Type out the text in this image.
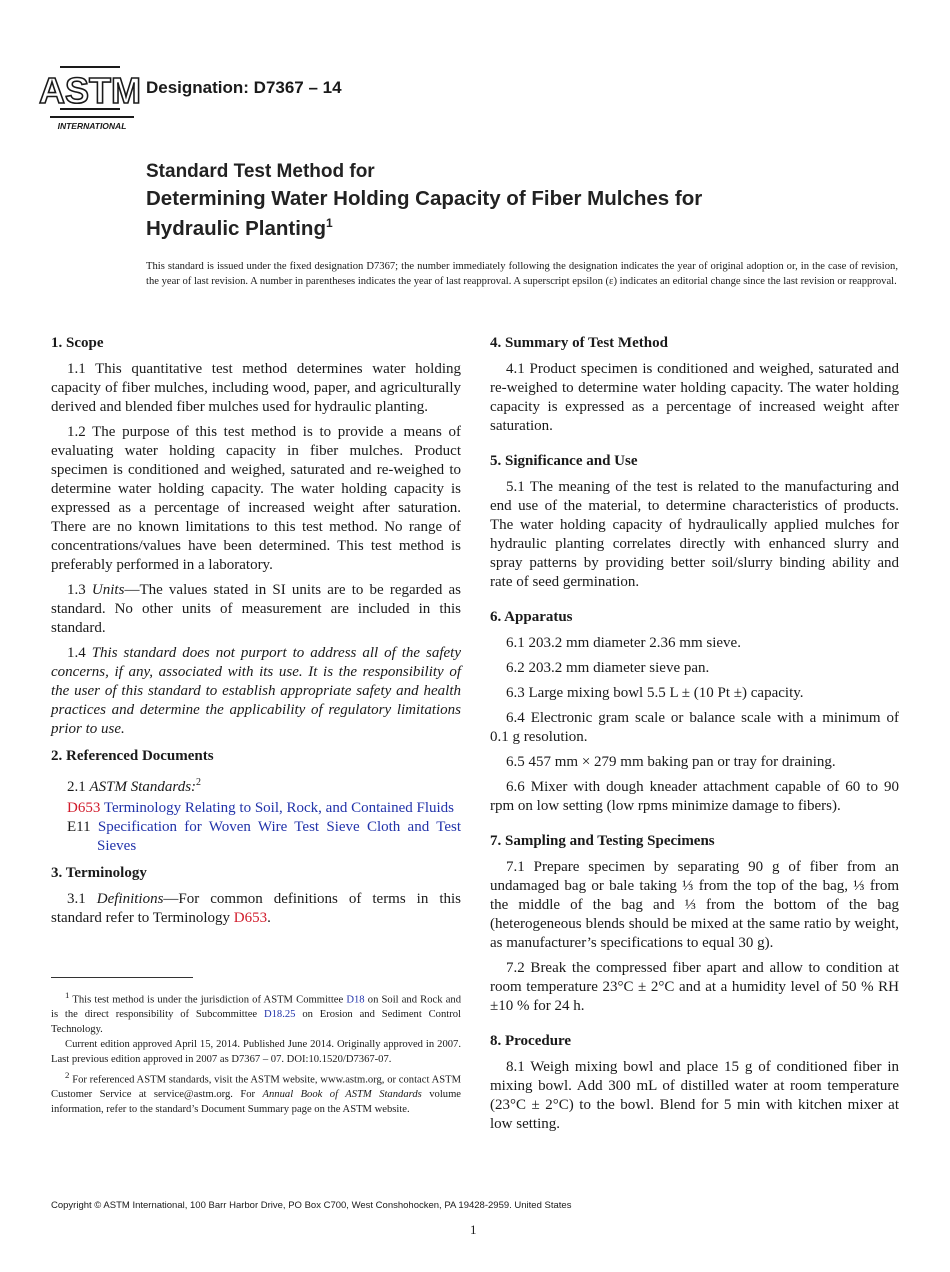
ASTM
INTERNATIONAL
Designation: D7367 – 14
Standard Test Method for
Determining Water Holding Capacity of Fiber Mulches for
Hydraulic Planting$^1$
This standard is issued under the fixed designation D7367; the number immediately following the designation indicates the year of original adoption or, in the case of revision, the year of last revision. A number in parentheses indicates the year of last reapproval. A superscript epsilon (ε) indicates an editorial change since the last revision or reapproval.
1. Scope

1.1 This quantitative test method determines water holding capacity of fiber mulches, including wood, paper, and agriculturally derived and blended fiber mulches used for hydraulic planting.

1.2 The purpose of this test method is to provide a means of evaluating water holding capacity in fiber mulches. Product specimen is conditioned and weighed, saturated and re-weighed to determine water holding capacity. The water holding capacity is expressed as a percentage of increased weight after saturation. There are no known limitations to this test method. No range of concentrations/values have been determined. This test method is preferably performed in a laboratory.

1.3 Units—The values stated in SI units are to be regarded as standard. No other units of measurement are included in this standard.

1.4 This standard does not purport to address all of the safety concerns, if any, associated with its use. It is the responsibility of the user of this standard to establish appropriate safety and health practices and determine the applicability of regulatory limitations prior to use.

2. Referenced Documents

2.1 ASTM Standards:$^2$

D653 Terminology Relating to Soil, Rock, and Contained Fluids

E11 Specification for Woven Wire Test Sieve Cloth and Test Sieves

3. Terminology

3.1 Definitions—For common definitions of terms in this standard refer to Terminology D653.

$^1$ This test method is under the jurisdiction of ASTM Committee D18 on Soil and Rock and is the direct responsibility of Subcommittee D18.25 on Erosion and Sediment Control Technology.

Current edition approved April 15, 2014. Published June 2014. Originally approved in 2007. Last previous edition approved in 2007 as D7367 – 07. DOI:10.1520/D7367-07.

$^2$ For referenced ASTM standards, visit the ASTM website, www.astm.org, or contact ASTM Customer Service at service@astm.org. For Annual Book of ASTM Standards volume information, refer to the standard’s Document Summary page on the ASTM website.

4. Summary of Test Method

4.1 Product specimen is conditioned and weighed, saturated and re-weighed to determine water holding capacity. The water holding capacity is expressed as a percentage of increased weight after saturation.

5. Significance and Use

5.1 The meaning of the test is related to the manufacturing and end use of the material, to determine characteristics of products. The water holding capacity of hydraulically applied mulches for hydraulic planting correlates directly with enhanced slurry and spray patterns by providing better soil/slurry binding ability and rate of seed germination.

6. Apparatus

6.1 203.2 mm diameter 2.36 mm sieve.

6.2 203.2 mm diameter sieve pan.

6.3 Large mixing bowl 5.5 L ± (10 Pt ±) capacity.

6.4 Electronic gram scale or balance scale with a minimum of 0.1 g resolution.

6.5 457 mm × 279 mm baking pan or tray for draining.

6.6 Mixer with dough kneader attachment capable of 60 to 90 rpm on low setting (low rpms minimize damage to fibers).

7. Sampling and Testing Specimens

7.1 Prepare specimen by separating 90 g of fiber from an undamaged bag or bale taking ⅓ from the top of the bag, ⅓ from the middle of the bag and ⅓ from the bottom of the bag (heterogeneous blends should be mixed at the same ratio by weight, as manufacturer’s specifications to equal 30 g).

7.2 Break the compressed fiber apart and allow to condition at room temperature 23°C ± 2°C and at a humidity level of 50 % RH ±10 % for 24 h.

8. Procedure

8.1 Weigh mixing bowl and place 15 g of conditioned fiber in mixing bowl. Add 300 mL of distilled water at room temperature (23°C ± 2°C) to the bowl. Blend for 5 min with kitchen mixer at low setting.

Copyright © ASTM International, 100 Barr Harbor Drive, PO Box C700, West Conshohocken, PA 19428-2959. United States
1
